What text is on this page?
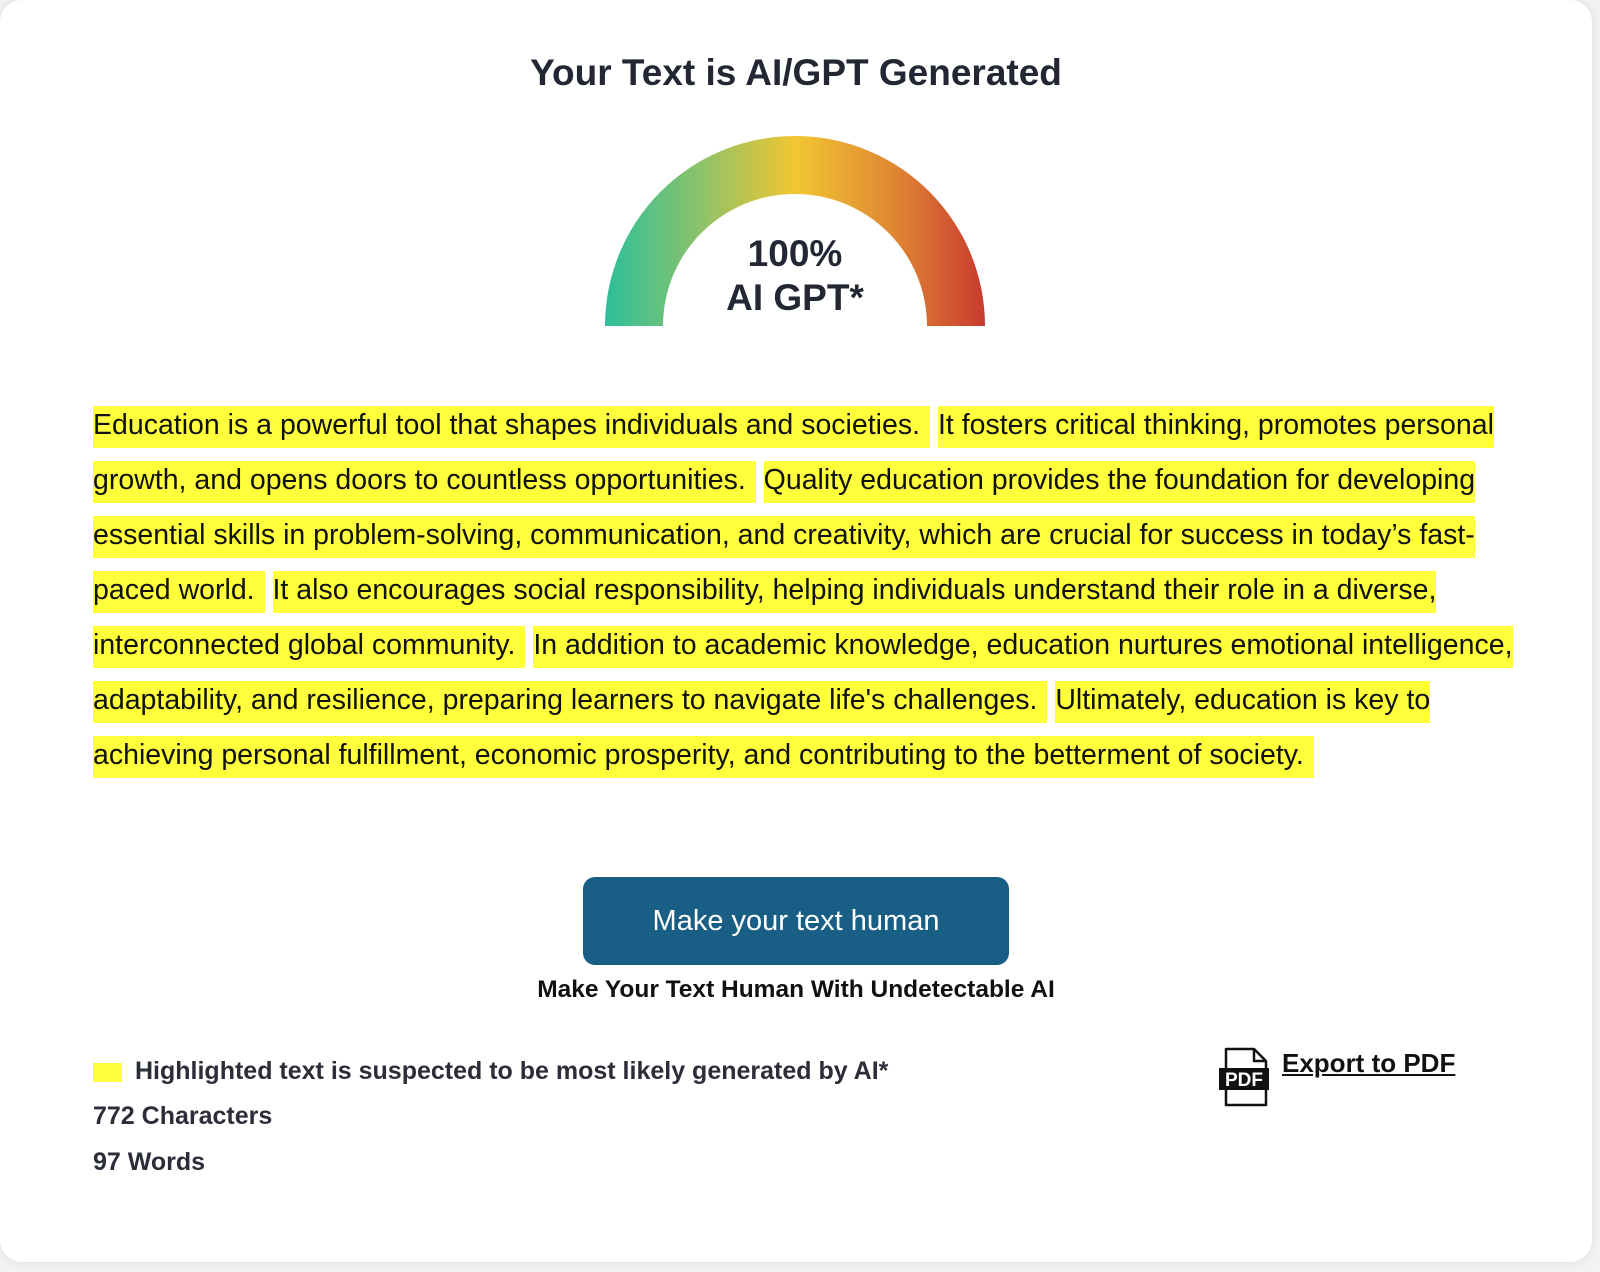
Your Text is AI/GPT Generated
100%
AI GPT*

Education is a powerful tool that shapes individuals and societies. It fosters critical thinking, promotes personal growth, and opens doors to countless opportunities. Quality education provides the foundation for developing essential skills in problem-solving, communication, and creativity, which are crucial for success in today’s fast-paced world. It also encourages social responsibility, helping individuals understand their role in a diverse, interconnected global community. In addition to academic knowledge, education nurtures emotional intelligence, adaptability, and resilience, preparing learners to navigate life's challenges. Ultimately, education is key to achieving personal fulfillment, economic prosperity, and contributing to the betterment of society.

Make your text human
Make Your Text Human With Undetectable AI
Highlighted text is suspected to be most likely generated by AI*
772 Characters
97 Words
PDF
Export to PDF
